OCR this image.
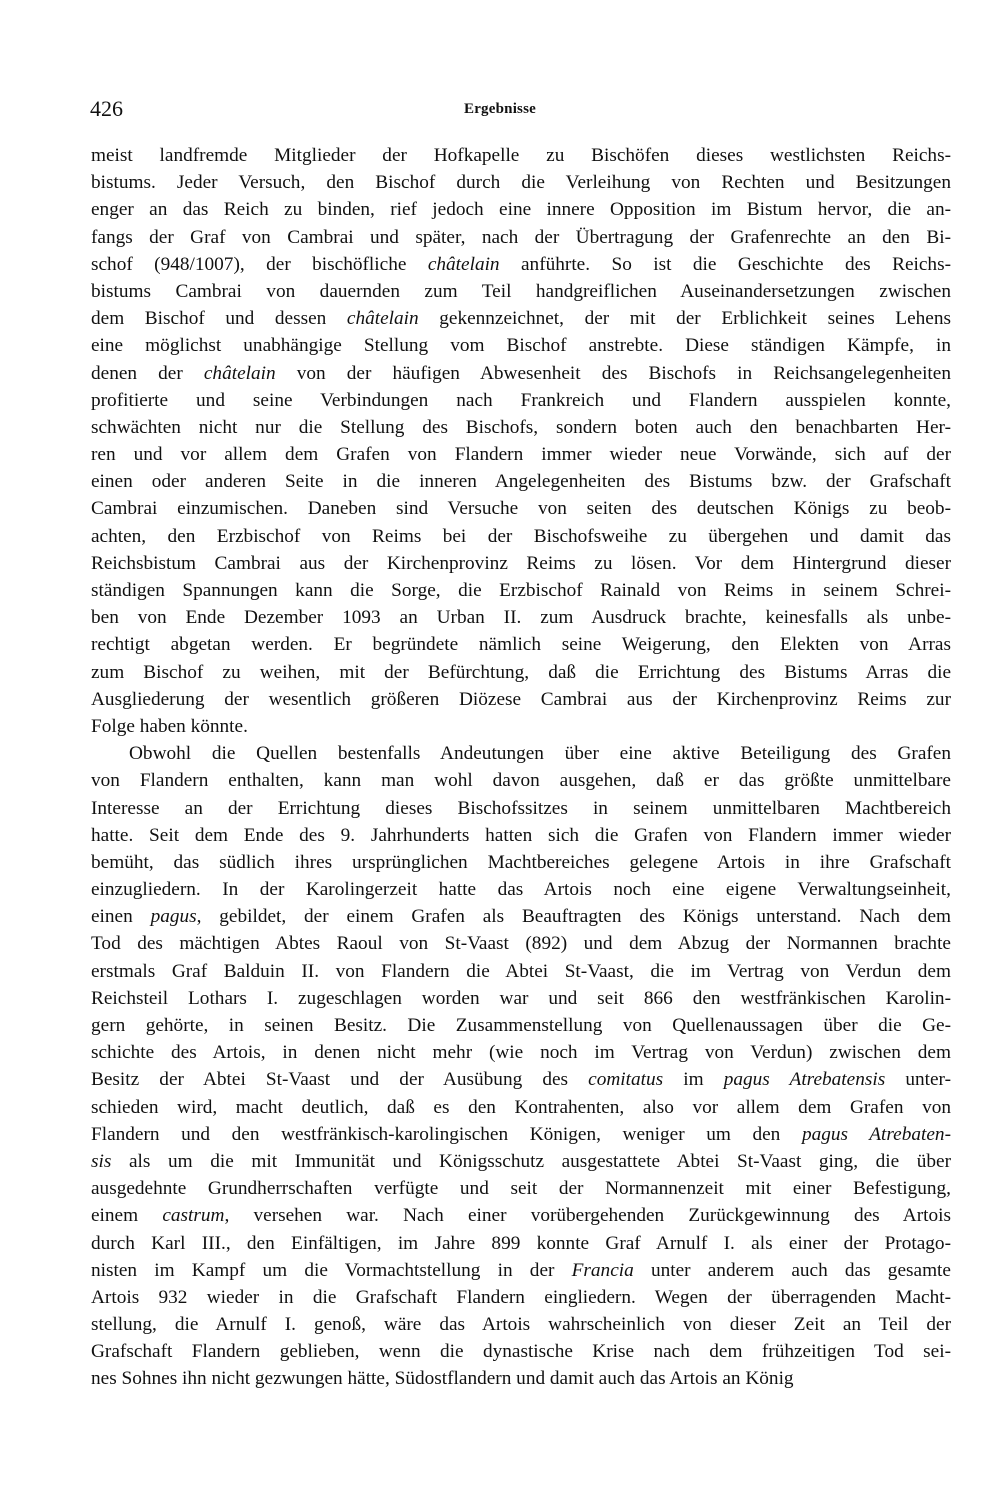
426	Ergebnisse
meist landfremde Mitglieder der Hofkapelle zu Bischöfen dieses westlichsten Reichs-
bistums. Jeder Versuch, den Bischof durch die Verleihung von Rechten und Besitzungen
enger an das Reich zu binden, rief jedoch eine innere Opposition im Bistum hervor, die an-
fangs der Graf von Cambrai und später, nach der Übertragung der Grafenrechte an den Bi-
schof (948/1007), der bischöfliche châtelain anführte. So ist die Geschichte des Reichs-
bistums Cambrai von dauernden zum Teil handgreiflichen Auseinandersetzungen zwischen
dem Bischof und dessen châtelain gekennzeichnet, der mit der Erblichkeit seines Lehens
eine möglichst unabhängige Stellung vom Bischof anstrebte. Diese ständigen Kämpfe, in
denen der châtelain von der häufigen Abwesenheit des Bischofs in Reichsangelegenheiten
profitierte und seine Verbindungen nach Frankreich und Flandern ausspielen konnte,
schwächten nicht nur die Stellung des Bischofs, sondern boten auch den benachbarten Her-
ren und vor allem dem Grafen von Flandern immer wieder neue Vorwände, sich auf der
einen oder anderen Seite in die inneren Angelegenheiten des Bistums bzw. der Grafschaft
Cambrai einzumischen. Daneben sind Versuche von seiten des deutschen Königs zu beob-
achten, den Erzbischof von Reims bei der Bischofsweihe zu übergehen und damit das
Reichsbistum Cambrai aus der Kirchenprovinz Reims zu lösen. Vor dem Hintergrund dieser
ständigen Spannungen kann die Sorge, die Erzbischof Rainald von Reims in seinem Schrei-
ben von Ende Dezember 1093 an Urban II. zum Ausdruck brachte, keinesfalls als unbe-
rechtigt abgetan werden. Er begründete nämlich seine Weigerung, den Elekten von Arras
zum Bischof zu weihen, mit der Befürchtung, daß die Errichtung des Bistums Arras die
Ausgliederung der wesentlich größeren Diözese Cambrai aus der Kirchenprovinz Reims zur
Folge haben könnte.
Obwohl die Quellen bestenfalls Andeutungen über eine aktive Beteiligung des Grafen
von Flandern enthalten, kann man wohl davon ausgehen, daß er das größte unmittelbare
Interesse an der Errichtung dieses Bischofssitzes in seinem unmittelbaren Machtbereich
hatte. Seit dem Ende des 9. Jahrhunderts hatten sich die Grafen von Flandern immer wieder
bemüht, das südlich ihres ursprünglichen Machtbereiches gelegene Artois in ihre Grafschaft
einzugliedern. In der Karolingerzeit hatte das Artois noch eine eigene Verwaltungseinheit,
einen pagus, gebildet, der einem Grafen als Beauftragten des Königs unterstand. Nach dem
Tod des mächtigen Abtes Raoul von St-Vaast (892) und dem Abzug der Normannen brachte
erstmals Graf Balduin II. von Flandern die Abtei St-Vaast, die im Vertrag von Verdun dem
Reichsteil Lothars I. zugeschlagen worden war und seit 866 den westfränkischen Karolin-
gern gehörte, in seinen Besitz. Die Zusammenstellung von Quellenaussagen über die Ge-
schichte des Artois, in denen nicht mehr (wie noch im Vertrag von Verdun) zwischen dem
Besitz der Abtei St-Vaast und der Ausübung des comitatus im pagus Atrebatensis unter-
schieden wird, macht deutlich, daß es den Kontrahenten, also vor allem dem Grafen von
Flandern und den westfränkisch-karolingischen Königen, weniger um den pagus Atrebaten-
sis als um die mit Immunität und Königsschutz ausgestattete Abtei St-Vaast ging, die über
ausgedehnte Grundherrschaften verfügte und seit der Normannenzeit mit einer Befestigung,
einem castrum, versehen war. Nach einer vorübergehenden Zurückgewinnung des Artois
durch Karl III., den Einfältigen, im Jahre 899 konnte Graf Arnulf I. als einer der Protago-
nisten im Kampf um die Vormachtstellung in der Francia unter anderem auch das gesamte
Artois 932 wieder in die Grafschaft Flandern eingliedern. Wegen der überragenden Macht-
stellung, die Arnulf I. genoß, wäre das Artois wahrscheinlich von dieser Zeit an Teil der
Grafschaft Flandern geblieben, wenn die dynastische Krise nach dem frühzeitigen Tod sei-
nes Sohnes ihn nicht gezwungen hätte, Südostflandern und damit auch das Artois an König
